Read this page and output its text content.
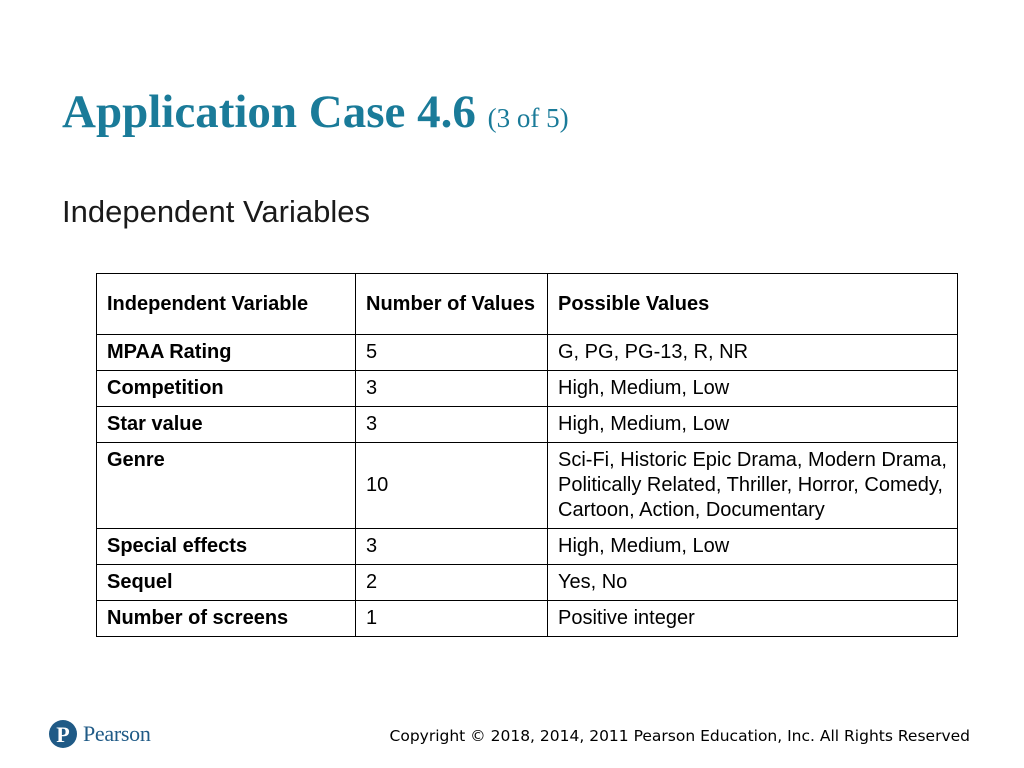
Application Case 4.6 (3 of 5)
Independent Variables
Independent Variable	Number of Values	Possible Values
MPAA Rating	5	G, PG, PG-13, R, NR
Competition	3	High, Medium, Low
Star value	3	High, Medium, Low
Genre	10	Sci-Fi, Historic Epic Drama, Modern Drama, Politically Related, Thriller, Horror, Comedy, Cartoon, Action, Documentary
Special effects	3	High, Medium, Low
Sequel	2	Yes, No
Number of screens	1	Positive integer
P Pearson	Copyright © 2018, 2014, 2011 Pearson Education, Inc. All Rights Reserved
